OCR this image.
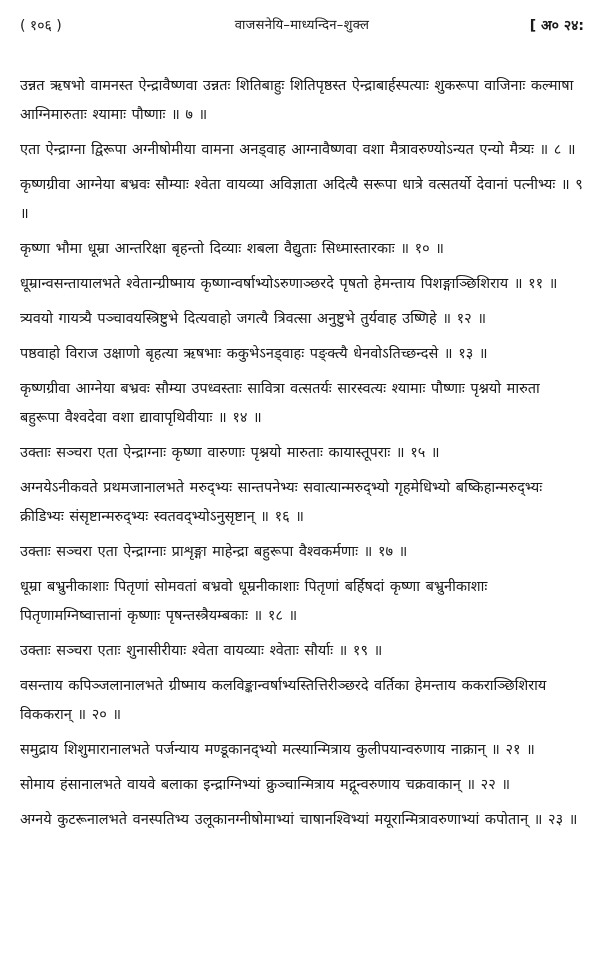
( १०६ )	वाजसनेयि–माध्यन्दिन–शुक्ल	[ अ० २४:

उन्नत ऋषभो वामनस्त ऐन्द्रावैष्णवा उन्नतः शितिबाहुः शितिपृष्ठस्त ऐन्द्राबार्हस्पत्याः शुकरूपा वाजिनाः कल्माषा आग्निमारुताः श्यामाः पौष्णाः ॥ ७ ॥

एता ऐन्द्राग्ना द्विरूपा अग्नीषोमीया वामना अनड्वाह आग्नावैष्णवा वशा मैत्रावरुण्योऽन्यत एन्यो मैत्र्यः ॥ ८ ॥

कृष्णग्रीवा आग्नेया बभ्रवः सौम्याः श्वेता वायव्या अविज्ञाता अदित्यै सरूपा धात्रे वत्सतर्यो देवानां पत्नीभ्यः ॥ ९ ॥

कृष्णा भौमा धूम्रा आन्तरिक्षा बृहन्तो दिव्याः शबला वैद्युताः सिध्मास्तारकाः ॥ १० ॥

धूम्रान्वसन्तायालभते श्वेतान्ग्रीष्माय कृष्णान्वर्षाभ्योऽरुणाञ्छरदे पृषतो हेमन्ताय पिशङ्गाञ्छिशिराय ॥ ११ ॥

त्र्यवयो गायत्र्यै पञ्चावयस्त्रिष्टुभे दित्यवाहो जगत्यै त्रिवत्सा अनुष्टुभे तुर्यवाह उष्णिहे ॥ १२ ॥

पष्ठवाहो विराज उक्षाणो बृहत्या ऋषभाः ककुभेऽनड्वाहः पङ्क्त्यै धेनवोऽतिच्छन्दसे ॥ १३ ॥

कृष्णग्रीवा आग्नेया बभ्रवः सौम्या उपध्वस्ताः सावित्रा वत्सतर्यः सारस्वत्यः श्यामाः पौष्णाः पृश्नयो मारुता बहुरूपा वैश्वदेवा वशा द्यावापृथिवीयाः ॥ १४ ॥

उक्ताः सञ्चरा एता ऐन्द्राग्नाः कृष्णा वारुणाः पृश्नयो मारुताः कायास्तूपराः ॥ १५ ॥

अग्नयेऽनीकवते प्रथमजानालभते मरुद्भ्यः सान्तपनेभ्यः सवात्यान्मरुद्भ्यो गृहमेधिभ्यो बष्किहान्मरुद्भ्यः क्रीडिभ्यः संसृष्टान्मरुद्भ्यः स्वतवद्भ्योऽनुसृष्टान् ॥ १६ ॥

उक्ताः सञ्चरा एता ऐन्द्राग्नाः प्राशृङ्गा माहेन्द्रा बहुरूपा वैश्वकर्मणाः ॥ १७ ॥

धूम्रा बभ्रुनीकाशाः पितृणां सोमवतां बभ्रवो धूम्रनीकाशाः पितृणां बर्हिषदां कृष्णा बभ्रुनीकाशाः पितृणामग्निष्वात्तानां कृष्णाः पृषन्तस्त्रैयम्बकाः ॥ १८ ॥

उक्ताः सञ्चरा एताः शुनासीरीयाः श्वेता वायव्याः श्वेताः सौर्याः ॥ १९ ॥

वसन्ताय कपिञ्जलानालभते ग्रीष्माय कलविङ्कान्वर्षाभ्यस्तित्तिरीञ्छरदे वर्तिका हेमन्ताय ककराञ्छिशिराय विककरान् ॥ २० ॥

समुद्राय शिशुमारानालभते पर्जन्याय मण्डूकानद्भ्यो मत्स्यान्मित्राय कुलीपयान्वरुणाय नाक्रान् ॥ २१ ॥

सोमाय हंसानालभते वायवे बलाका इन्द्राग्निभ्यां क्रुञ्चान्मित्राय मद्गून्वरुणाय चक्रवाकान् ॥ २२ ॥

अग्नये कुटरूनालभते वनस्पतिभ्य उलूकानग्नीषोमाभ्यां चाषानश्विभ्यां मयूरान्मित्रावरुणाभ्यां कपोतान् ॥ २३ ॥
